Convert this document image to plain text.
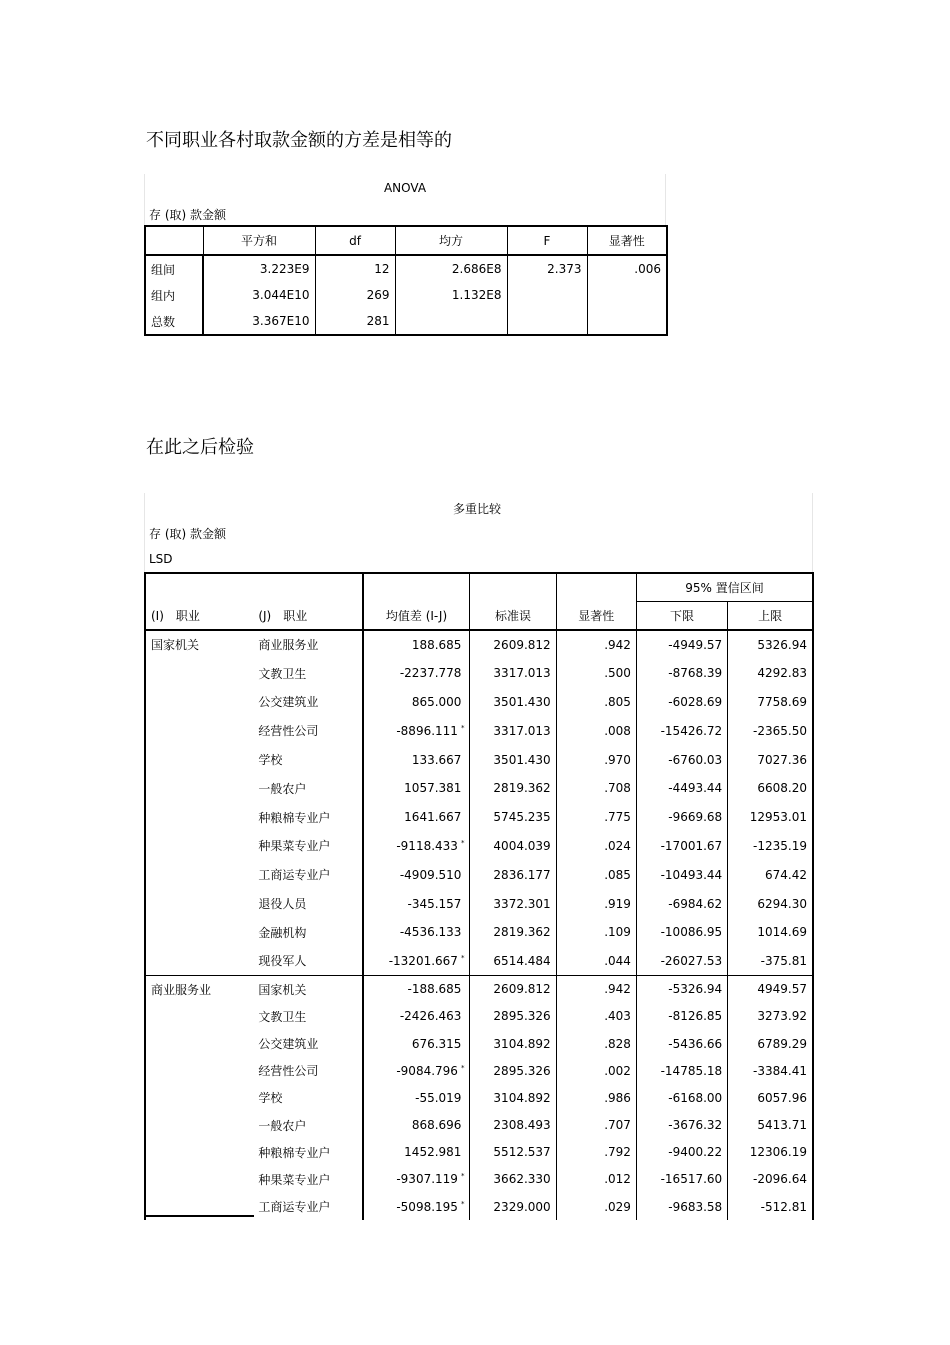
不同职业各村取款金额的方差是相等的
ANOVA
存 (取) 款金额
	平方和	df	均方	F	显著性
组间	3.223E9	12	2.686E8	2.373	.006
组内	3.044E10	269	1.132E8		
总数	3.367E10	281			
在此之后检验
多重比较
存 (取) 款金额
LSD
					95% 置信区间	
(I)　职业	(J)　职业	均值差 (I-J)	标准误	显著性	下限	上限
国家机关	商业服务业	188.685	2609.812	.942	-4949.57	5326.94
	文教卫生	-2237.778	3317.013	.500	-8768.39	4292.83
	公交建筑业	865.000	3501.430	.805	-6028.69	7758.69
	经营性公司	-8896.111 *	3317.013	.008	-15426.72	-2365.50
	学校	133.667	3501.430	.970	-6760.03	7027.36
	一般农户	1057.381	2819.362	.708	-4493.44	6608.20
	种粮棉专业户	1641.667	5745.235	.775	-9669.68	12953.01
	种果菜专业户	-9118.433 *	4004.039	.024	-17001.67	-1235.19
	工商运专业户	-4909.510	2836.177	.085	-10493.44	674.42
	退役人员	-345.157	3372.301	.919	-6984.62	6294.30
	金融机构	-4536.133	2819.362	.109	-10086.95	1014.69
	现役军人	-13201.667 *	6514.484	.044	-26027.53	-375.81
商业服务业	国家机关	-188.685	2609.812	.942	-5326.94	4949.57
	文教卫生	-2426.463	2895.326	.403	-8126.85	3273.92
	公交建筑业	676.315	3104.892	.828	-5436.66	6789.29
	经营性公司	-9084.796 *	2895.326	.002	-14785.18	-3384.41
	学校	-55.019	3104.892	.986	-6168.00	6057.96
	一般农户	868.696	2308.493	.707	-3676.32	5413.71
	种粮棉专业户	1452.981	5512.537	.792	-9400.22	12306.19
	种果菜专业户	-9307.119 *	3662.330	.012	-16517.60	-2096.64
	工商运专业户	-5098.195 *	2329.000	.029	-9683.58	-512.81
